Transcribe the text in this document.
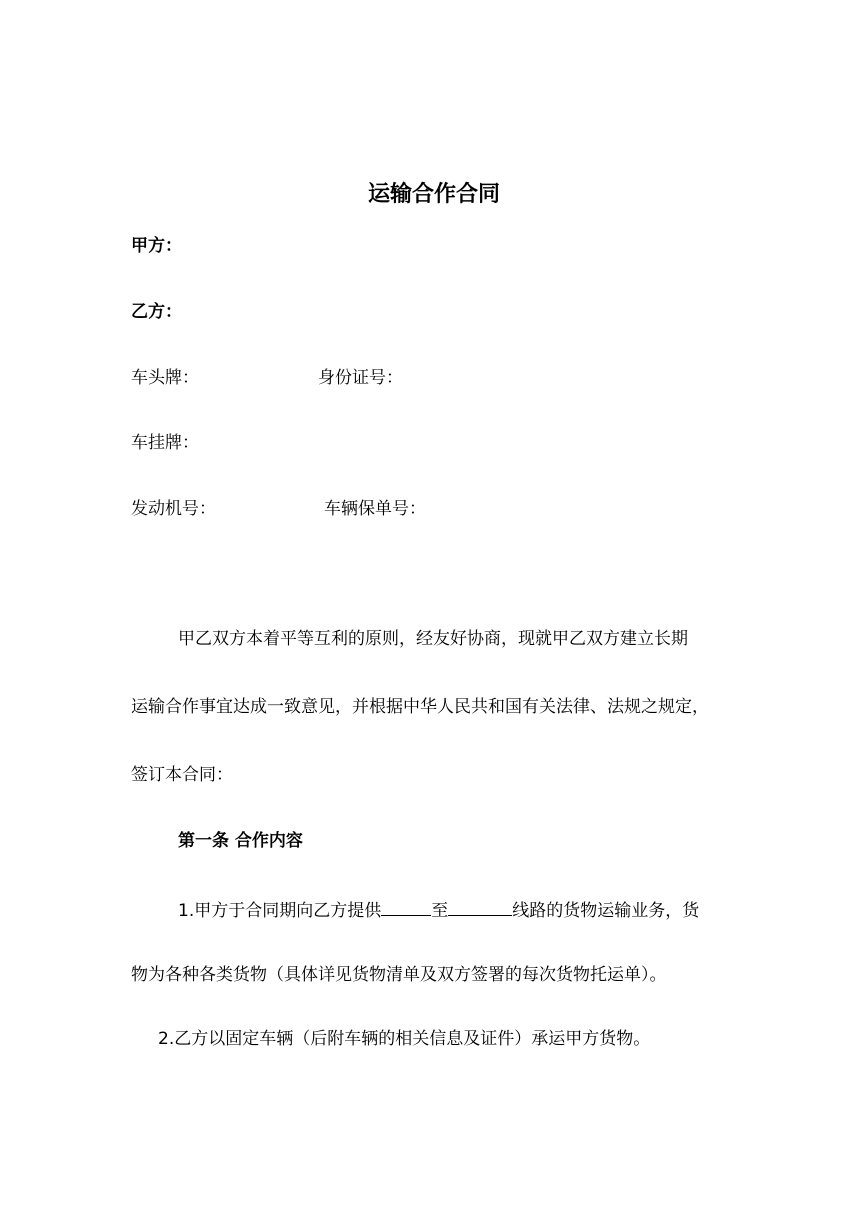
运输合作合同
甲方：
乙方：
车头牌：	身份证号：
车挂牌：
发动机号：	车辆保单号：
甲乙双方本着平等互利的原则，经友好协商，现就甲乙双方建立长期
运输合作事宜达成一致意见，并根据中华人民共和国有关法律、法规之规定，
签订本合同：
第一条 合作内容
1.甲方于合同期向乙方提供	至	线路的货物运输业务，货
物为各种各类货物（具体详见货物清单及双方签署的每次货物托运单）。
2.乙方以固定车辆（后附车辆的相关信息及证件）承运甲方货物。
